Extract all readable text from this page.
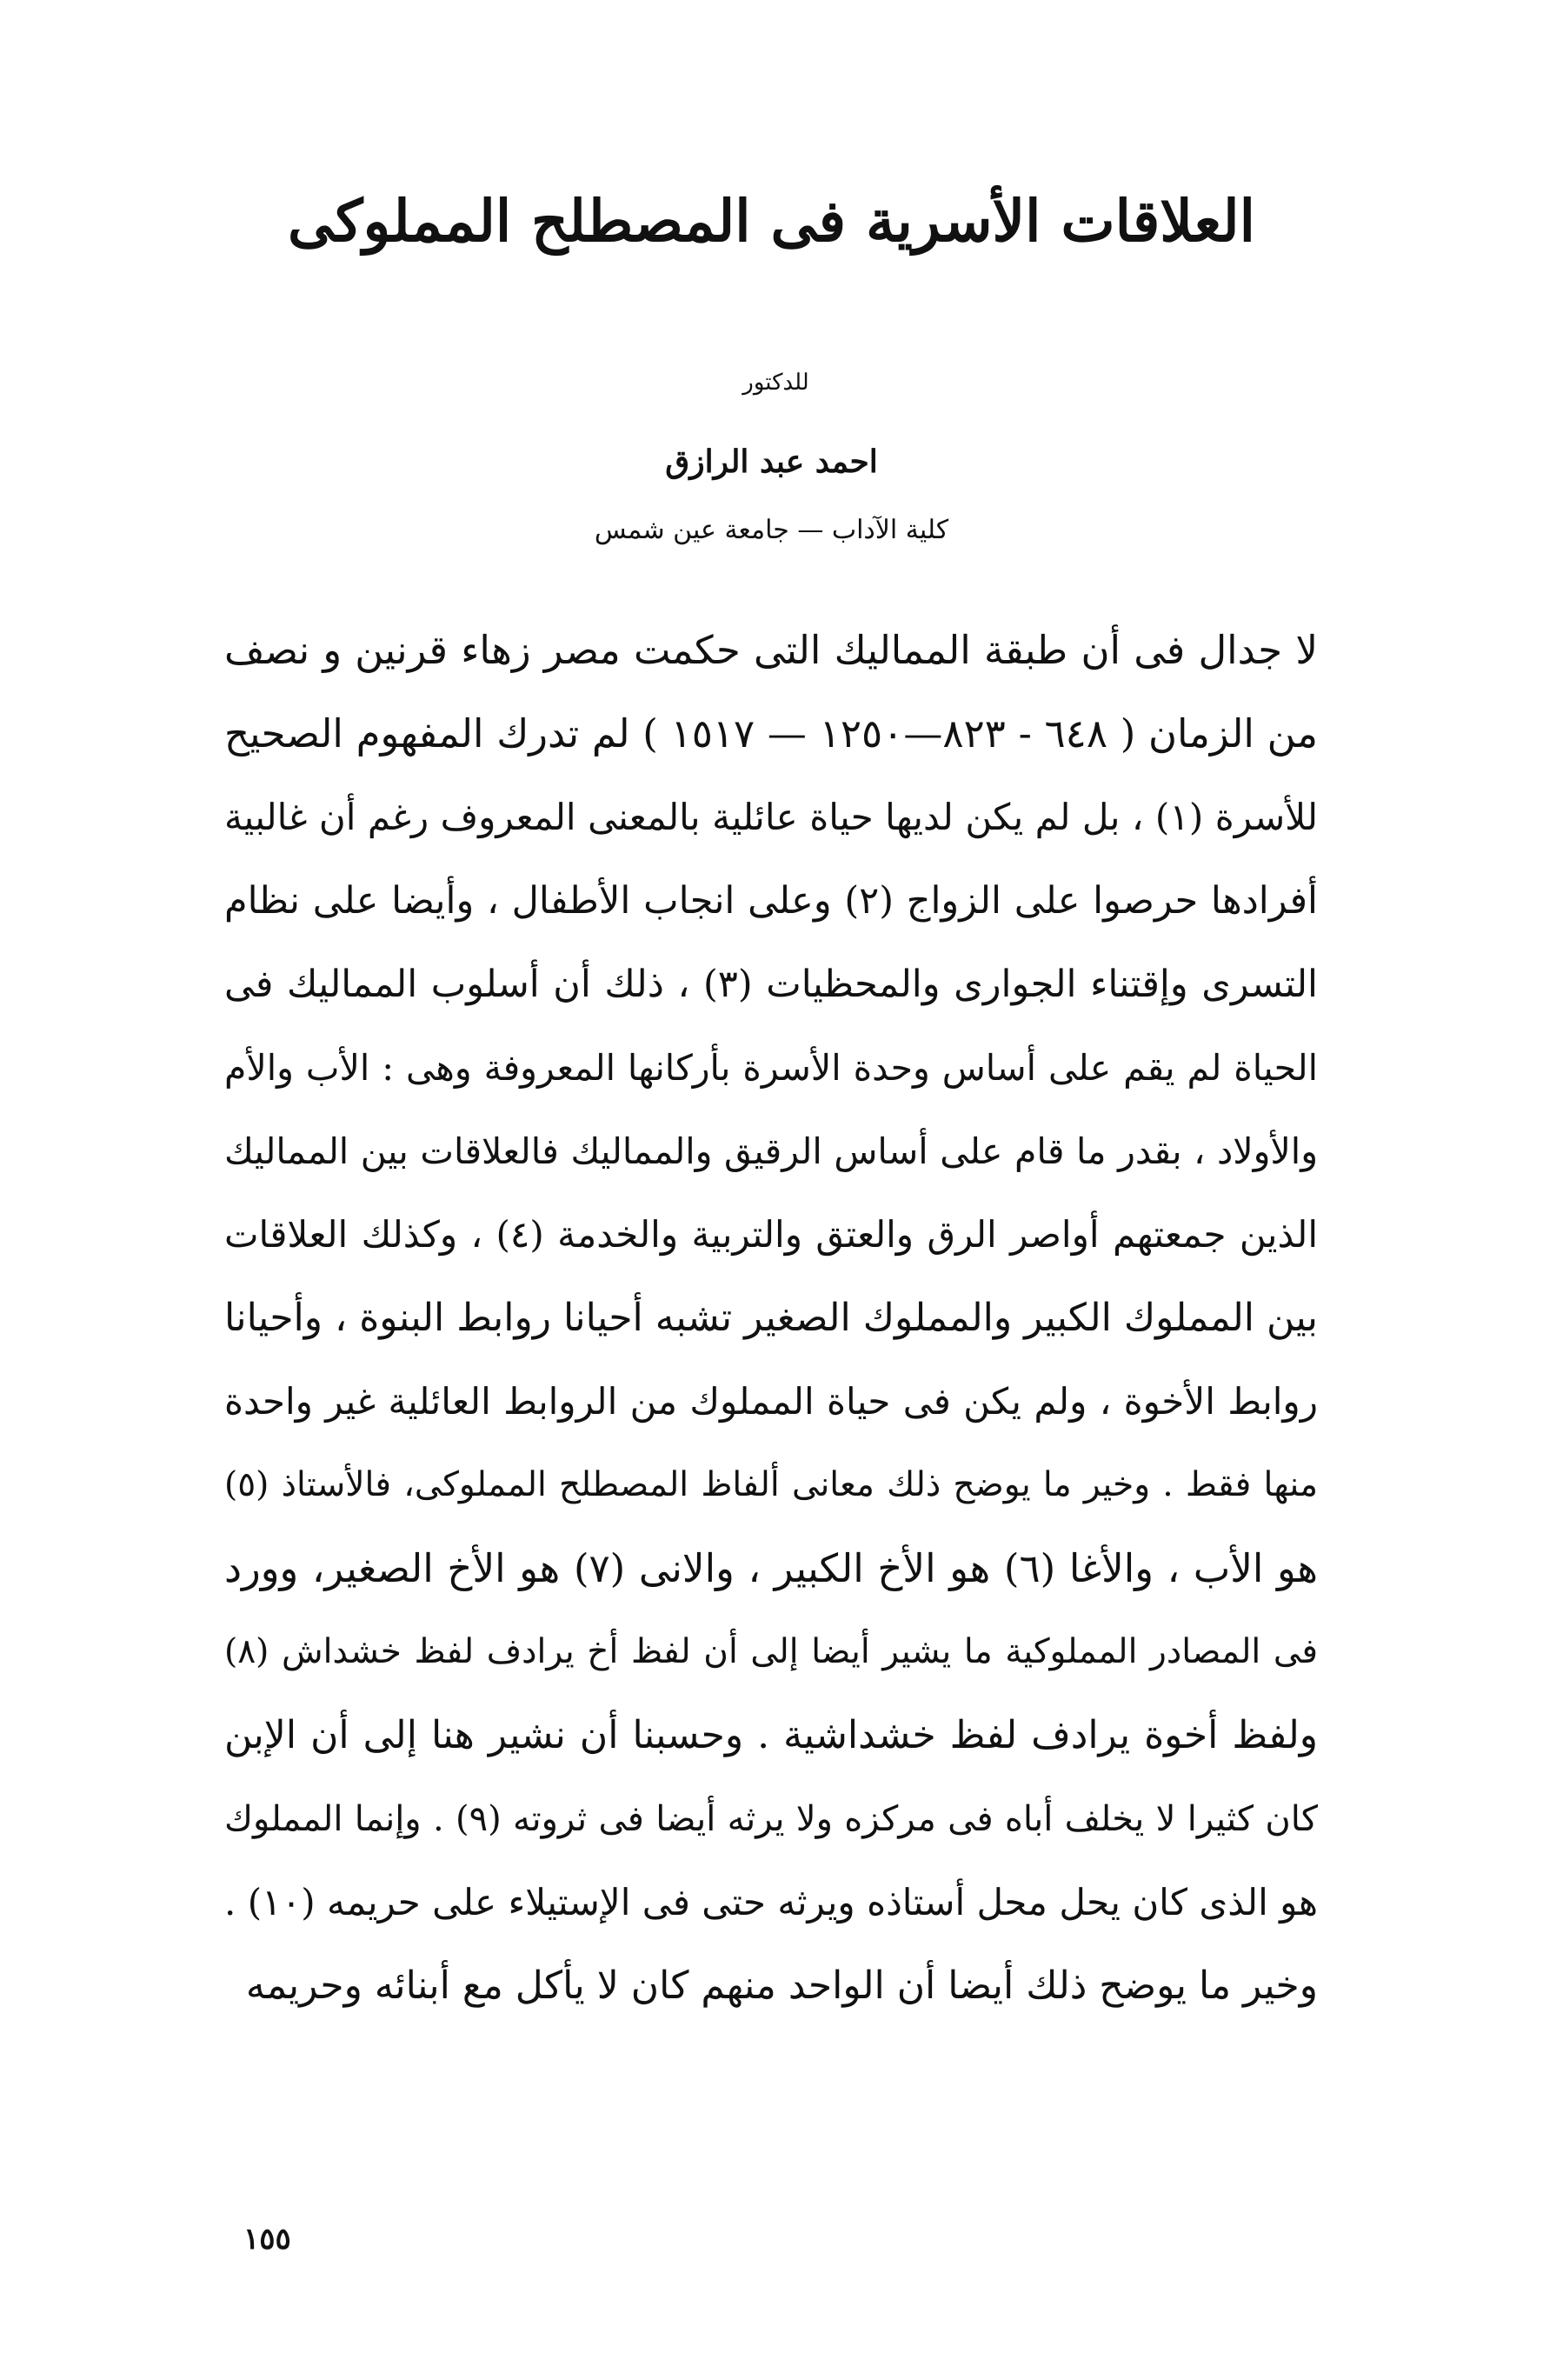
العلاقات الأسرية فى المصطلح المملوكى
للدكتور
احمد عبد الرازق
كلية الآداب — جامعة عين شمس
لا جدال فى أن طبقة المماليك التى حكمت مصر زهاء قرنين و نصف
من الزمان ( ٦٤٨ - ٨٢٣—١٢٥٠ — ١٥١٧ ) لم تدرك المفهوم الصحيح
للأسرة (١) ، بل لم يكن لديها حياة عائلية بالمعنى المعروف رغم أن غالبية
أفرادها حرصوا على الزواج (٢) وعلى انجاب الأطفال ، وأيضا على نظام
التسرى وإقتناء الجوارى والمحظيات (٣) ، ذلك أن أسلوب المماليك فى
الحياة لم يقم على أساس وحدة الأسرة بأركانها المعروفة وهى : الأب والأم
والأولاد ، بقدر ما قام على أساس الرقيق والمماليك فالعلاقات بين المماليك
الذين جمعتهم أواصر الرق والعتق والتربية والخدمة (٤) ، وكذلك العلاقات
بين المملوك الكبير والمملوك الصغير تشبه أحيانا روابط البنوة ، وأحيانا
روابط الأخوة ، ولم يكن فى حياة المملوك من الروابط العائلية غير واحدة
منها فقط . وخير ما يوضح ذلك معانى ألفاظ المصطلح المملوكى، فالأستاذ (٥)
هو الأب ، والأغا (٦) هو الأخ الكبير ، والانى (٧) هو الأخ الصغير، وورد
فى المصادر المملوكية ما يشير أيضا إلى أن لفظ أخ يرادف لفظ خشداش (٨)
ولفظ أخوة يرادف لفظ خشداشية . وحسبنا أن نشير هنا إلى أن الإبن
كان كثيرا لا يخلف أباه فى مركزه ولا يرثه أيضا فى ثروته (٩) . وإنما المملوك
هو الذى كان يحل محل أستاذه ويرثه حتى فى الإستيلاء على حريمه (١٠) .
وخير ما يوضح ذلك أيضا أن الواحد منهم كان لا يأكل مع أبنائه وحريمه
١٥٥
